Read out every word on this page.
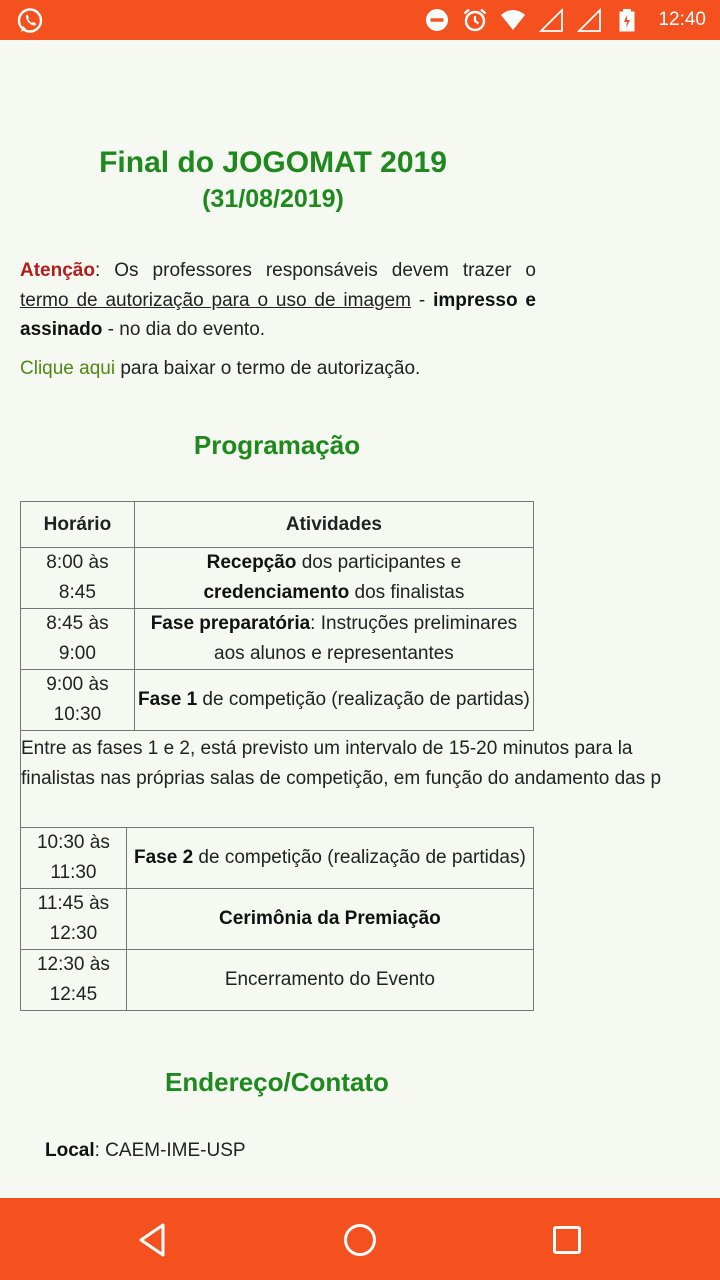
12:40
Final do JOGOMAT 2019
(31/08/2019)
Atenção: Os professores responsáveis devem trazer o termo de autorização para o uso de imagem - impresso e assinado - no dia do evento.
Clique aqui para baixar o termo de autorização.
Programação
Horário	Atividades
8:00 às
8:45	Recepção dos participantes e
credenciamento dos finalistas
8:45 às
9:00	Fase preparatória: Instruções preliminares aos alunos e representantes
9:00 às
10:30	Fase 1 de competição (realização de partidas)
Entre as fases 1 e 2, está previsto um intervalo de 15-20 minutos para la
finalistas nas próprias salas de competição, em função do andamento das p
10:30 às
11:30	Fase 2 de competição (realização de partidas)
11:45 às
12:30	Cerimônia da Premiação
12:30 às
12:45	Encerramento do Evento
Endereço/Contato
Local: CAEM-IME-USP
